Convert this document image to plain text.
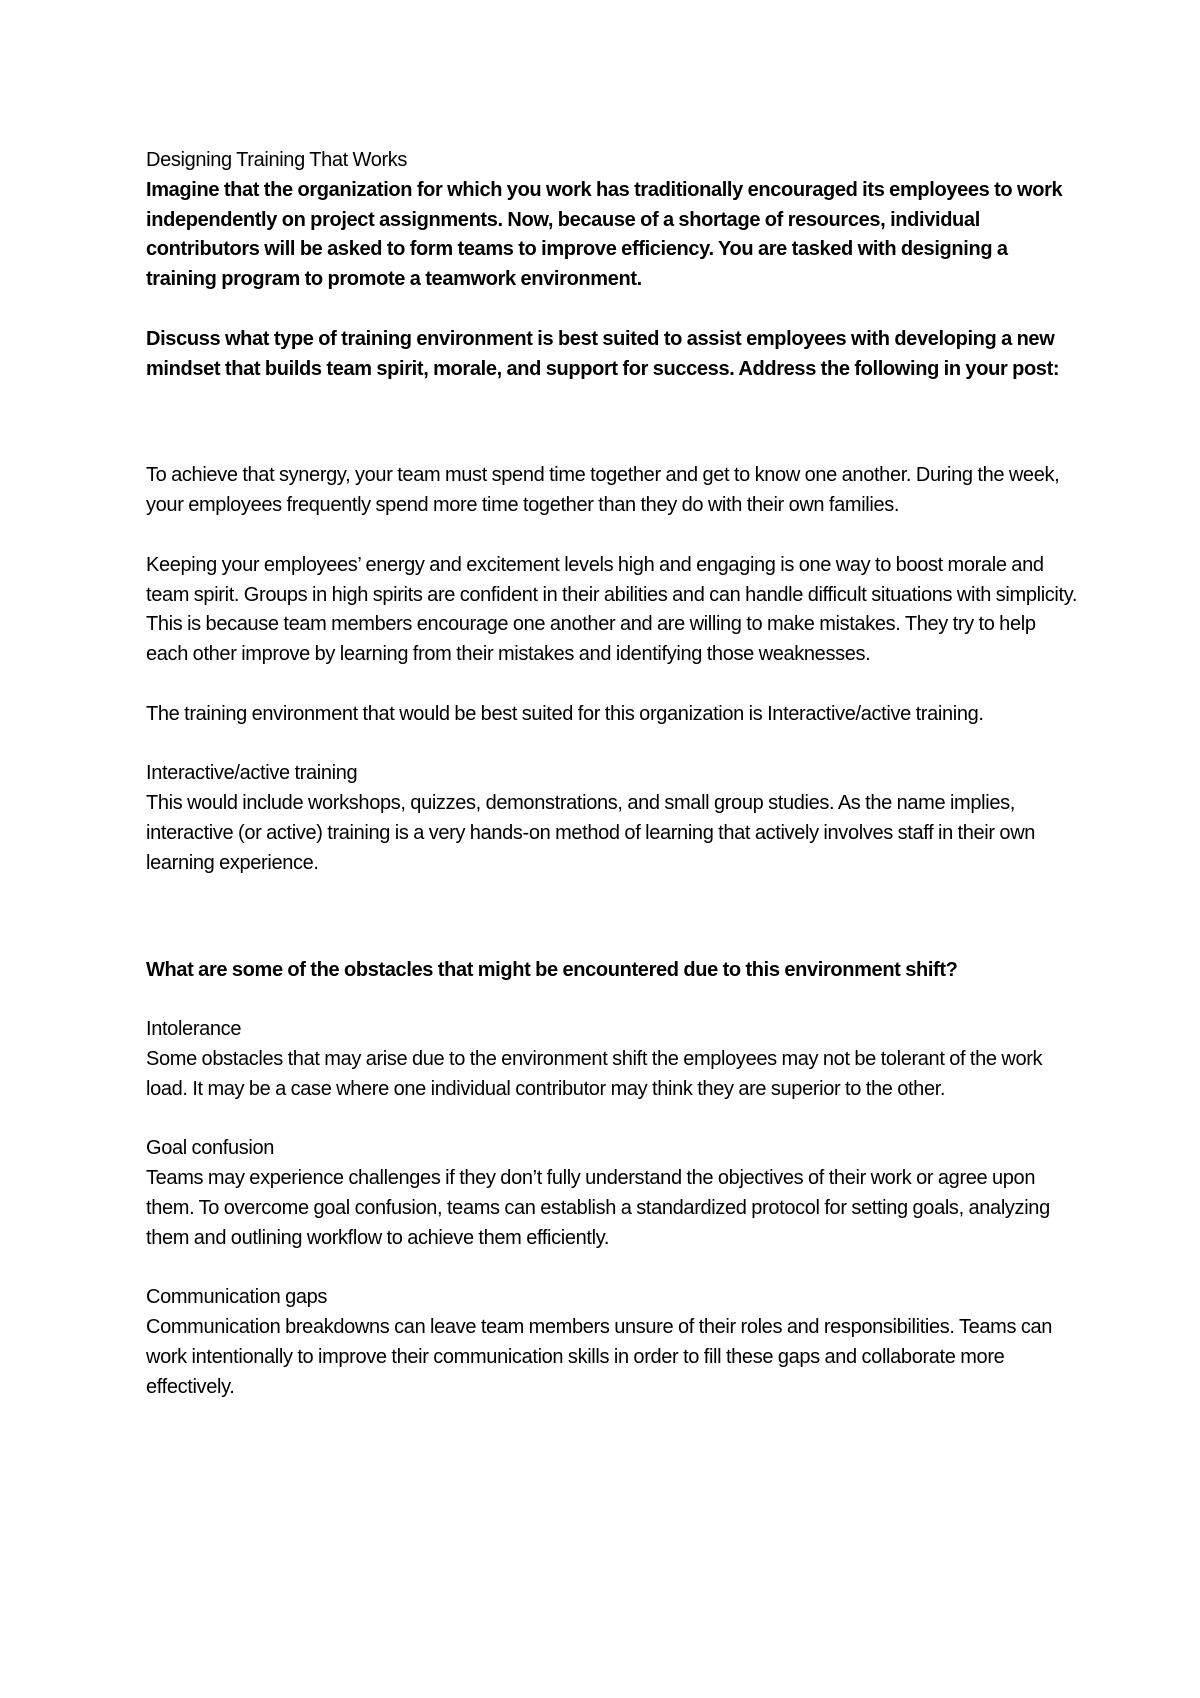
Designing Training That Works

Imagine that the organization for which you work has traditionally encouraged its employees to work independently on project assignments. Now, because of a shortage of resources, individual contributors will be asked to form teams to improve efficiency. You are tasked with designing a training program to promote a teamwork environment.

Discuss what type of training environment is best suited to assist employees with developing a new mindset that builds team spirit, morale, and support for success. Address the following in your post:

To achieve that synergy, your team must spend time together and get to know one another. During the week, your employees frequently spend more time together than they do with their own families.

Keeping your employees’ energy and excitement levels high and engaging is one way to boost morale and team spirit. Groups in high spirits are confident in their abilities and can handle difficult situations with simplicity. This is because team members encourage one another and are willing to make mistakes. They try to help each other improve by learning from their mistakes and identifying those weaknesses.

The training environment that would be best suited for this organization is Interactive/active training.

Interactive/active training

This would include workshops, quizzes, demonstrations, and small group studies. As the name implies, interactive (or active) training is a very hands-on method of learning that actively involves staff in their own learning experience.

What are some of the obstacles that might be encountered due to this environment shift?

Intolerance

Some obstacles that may arise due to the environment shift the employees may not be tolerant of the work load. It may be a case where one individual contributor may think they are superior to the other.

Goal confusion

Teams may experience challenges if they don’t fully understand the objectives of their work or agree upon them. To overcome goal confusion, teams can establish a standardized protocol for setting goals, analyzing them and outlining workflow to achieve them efficiently.

Communication gaps

Communication breakdowns can leave team members unsure of their roles and responsibilities. Teams can work intentionally to improve their communication skills in order to fill these gaps and collaborate more effectively.
